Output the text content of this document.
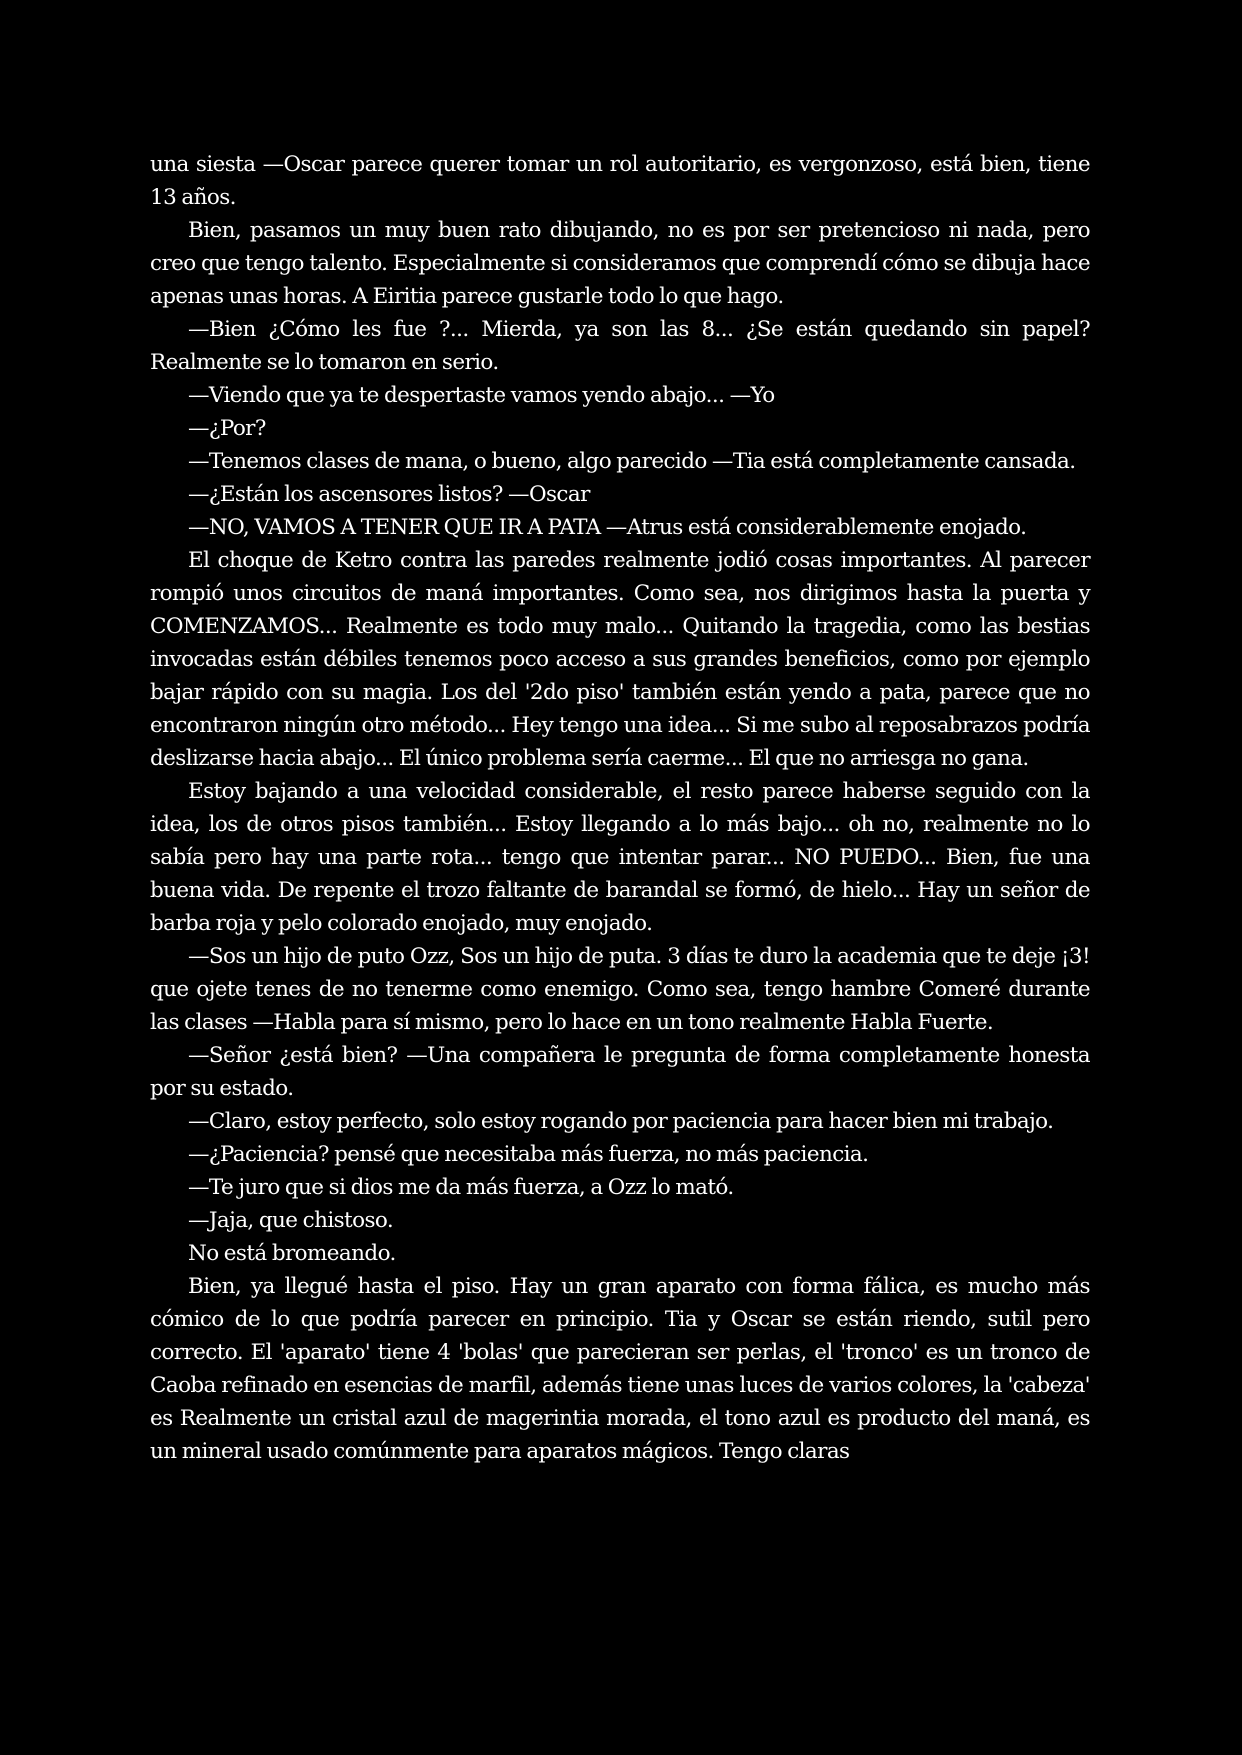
una siesta —Oscar parece querer tomar un rol autoritario, es vergonzoso, está bien, tiene 13 años.

Bien, pasamos un muy buen rato dibujando, no es por ser pretencioso ni nada, pero creo que tengo talento. Especialmente si consideramos que comprendí cómo se dibuja hace apenas unas horas. A Eiritia parece gustarle todo lo que hago.

—Bien ¿Cómo les fue ?... Mierda, ya son las 8... ¿Se están quedando sin papel? Realmente se lo tomaron en serio.

—Viendo que ya te despertaste vamos yendo abajo... —Yo

—¿Por?

—Tenemos clases de mana, o bueno, algo parecido —Tia está completamente cansada.

—¿Están los ascensores listos? —Oscar

—NO, VAMOS A TENER QUE IR A PATA —Atrus está considerablemente enojado.

El choque de Ketro contra las paredes realmente jodió cosas importantes. Al parecer rompió unos circuitos de maná importantes. Como sea, nos dirigimos hasta la puerta y COMENZAMOS... Realmente es todo muy malo... Quitando la tragedia, como las bestias invocadas están débiles tenemos poco acceso a sus grandes beneficios, como por ejemplo bajar rápido con su magia. Los del '2do piso' también están yendo a pata, parece que no encontraron ningún otro método... Hey tengo una idea... Si me subo al reposabrazos podría deslizarse hacia abajo... El único problema sería caerme... El que no arriesga no gana.

Estoy bajando a una velocidad considerable, el resto parece haberse seguido con la idea, los de otros pisos también... Estoy llegando a lo más bajo... oh no, realmente no lo sabía pero hay una parte rota... tengo que intentar parar... NO PUEDO... Bien, fue una buena vida. De repente el trozo faltante de barandal se formó, de hielo... Hay un señor de barba roja y pelo colorado enojado, muy enojado.

—Sos un hijo de puto Ozz, Sos un hijo de puta. 3 días te duro la academia que te deje ¡3! que ojete tenes de no tenerme como enemigo. Como sea, tengo hambre Comeré durante las clases —Habla para sí mismo, pero lo hace en un tono realmente Habla Fuerte.

—Señor ¿está bien? —Una compañera le pregunta de forma completamente honesta por su estado.

—Claro, estoy perfecto, solo estoy rogando por paciencia para hacer bien mi trabajo.

—¿Paciencia? pensé que necesitaba más fuerza, no más paciencia.

—Te juro que si dios me da más fuerza, a Ozz lo mató.

—Jaja, que chistoso.

No está bromeando.

Bien, ya llegué hasta el piso. Hay un gran aparato con forma fálica, es mucho más cómico de lo que podría parecer en principio. Tia y Oscar se están riendo, sutil pero correcto. El 'aparato' tiene 4 'bolas' que parecieran ser perlas, el 'tronco' es un tronco de Caoba refinado en esencias de marfil, además tiene unas luces de varios colores, la 'cabeza' es Realmente un cristal azul de magerintia morada, el tono azul es producto del maná, es un mineral usado comúnmente para aparatos mágicos. Tengo claras
